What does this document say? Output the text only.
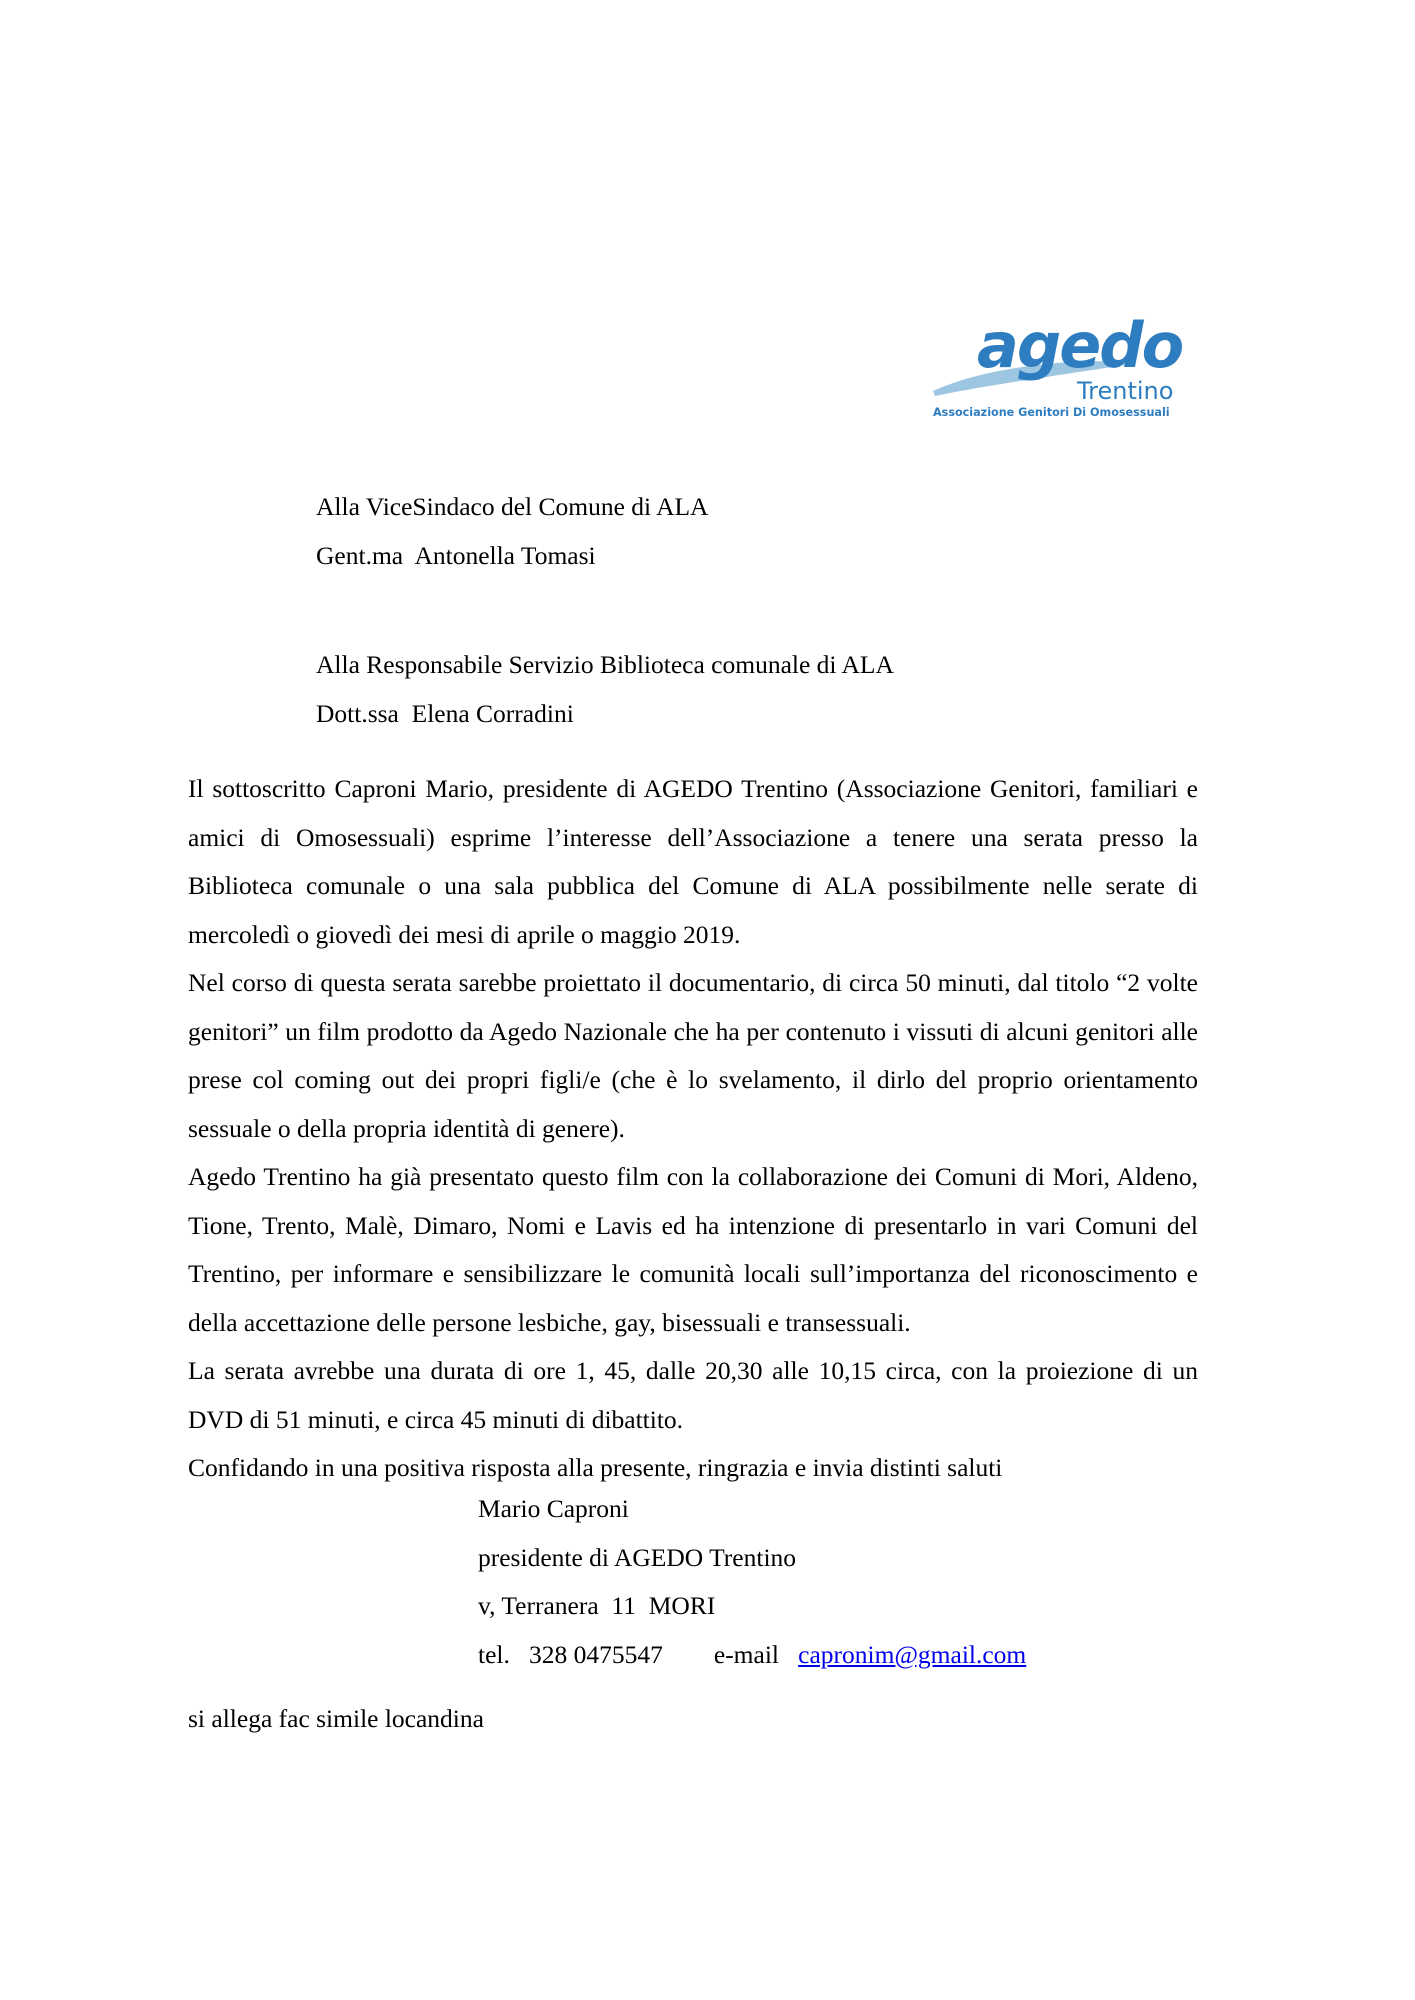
agedo
Trentino
Associazione Genitori Di Omosessuali
Alla ViceSindaco del Comune di ALA
Gent.ma  Antonella Tomasi
Alla Responsabile Servizio Biblioteca comunale di ALA
Dott.ssa  Elena Corradini

Il sottoscritto Caproni Mario, presidente di AGEDO Trentino (Associazione Genitori, familiari e amici di Omosessuali) esprime l’interesse dell’Associazione a tenere una serata presso la Biblioteca comunale o una sala pubblica del Comune di ALA possibilmente nelle serate di mercoledì o giovedì dei mesi di aprile o maggio 2019.

Nel corso di questa serata sarebbe proiettato il documentario, di circa 50 minuti, dal titolo “2 volte genitori” un film prodotto da Agedo Nazionale che ha per contenuto i vissuti di alcuni genitori alle prese col coming out dei propri figli/e (che è lo svelamento, il dirlo del proprio orientamento sessuale o della propria identità di genere).

Agedo Trentino ha già presentato questo film con la collaborazione dei Comuni di Mori, Aldeno, Tione, Trento, Malè, Dimaro, Nomi e Lavis ed ha intenzione di presentarlo in vari Comuni del Trentino, per informare e sensibilizzare le comunità locali sull’importanza del riconoscimento e della accettazione delle persone lesbiche, gay, bisessuali e transessuali.

La serata avrebbe una durata di ore 1, 45, dalle 20,30 alle 10,15 circa, con la proiezione di un DVD di 51 minuti, e circa 45 minuti di dibattito.

Confidando in una positiva risposta alla presente, ringrazia e invia distinti saluti

Mario Caproni
presidente di AGEDO Trentino
v, Terranera  11  MORI
tel. 328 0475547 e-mail capronim@gmail.com
si allega fac simile locandina
